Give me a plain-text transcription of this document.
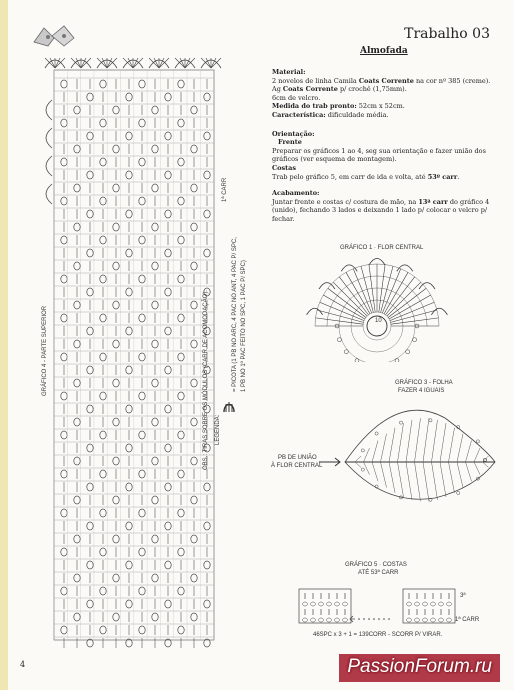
Trabalho 03
Almofada
Material:
2 novelos de linha Camila Coats Corrente na cor nº 385 (creme).
Ag Coats Corrente p/ crochê (1,75mm).
6cm de velcro.
Medida do trab pronto: 52cm x 52cm.
Característica: dificuldade média.
Orientação:
Frente
Preparar os gráficos 1 ao 4, seg sua orientação e fazer união dos gráficos (ver esquema de montagem).
Costas
Trab pelo gráfico 5, em carr de ida e volta, até 53º carr.
Acabamento:
Juntar frente e costas c/ costura de mão, na 13ª carr do gráfico 4 (unido), fechando 3 lados e deixando 1 lado p/ colocar o velcro p/ fechar.
GRÁFICO 4 - PARTE SUPERIOR
1ª CARR
OBS.: TIRAS SOBRE OS MÓDULOS (CARR DE ACOMODAÇÃO). LEGENDA:
= PICOTA (1 PB NO ARC, 4 PAC NO ANT, 4 PAC P/ SPC, 1 PB NO 1º PAC FEITO NO SPC, 1 PAC P/ SPC)
GRÁFICO 1 · FLOR CENTRAL
10
GRÁFICO 3 - FOLHA
FAZER 4 IGUAIS
PB DE UNIÃO
À FLOR CENTRAL
GRÁFICO 5 · COSTAS
ATÉ 53ª CARR
3ª
1ª CARR
46SPC x 3 + 1 = 139CORR - SCORR P/ VIRAR.
4	PassionForum.ru
